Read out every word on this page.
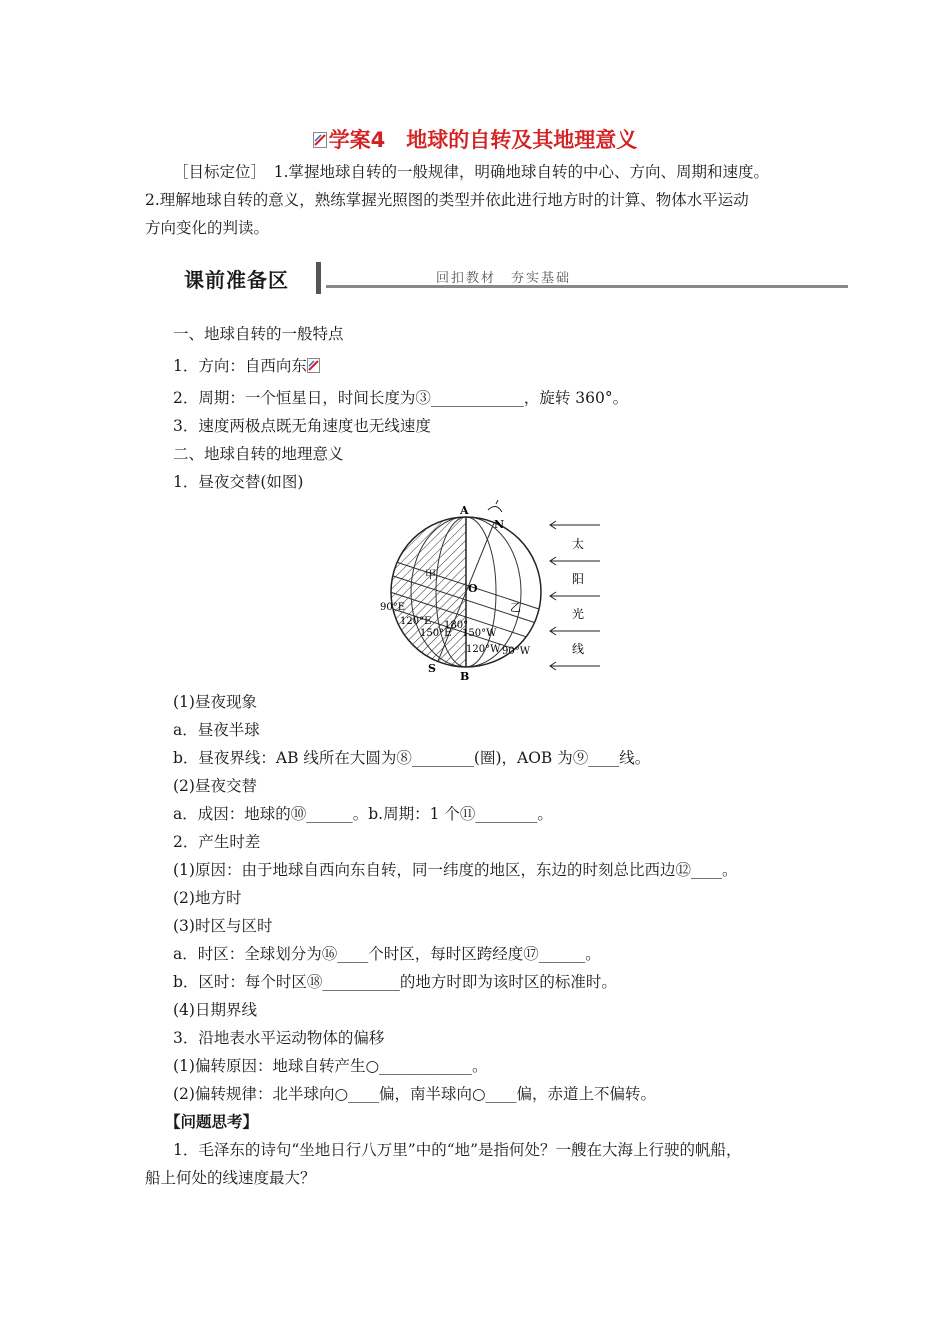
学案4　地球的自转及其地理意义
［目标定位］　1.掌握地球自转的一般规律，明确地球自转的中心、方向、周期和速度。
2.理解地球自转的意义，熟练掌握光照图的类型并依此进行地方时的计算、物体水平运动
方向变化的判读。
课前准备区	回扣教材　夯实基础
一、地球自转的一般特点
1．方向：自西向东
2．周期：一个恒星日，时间长度为③____________，旋转 360°。
3．速度两极点既无角速度也无线速度
二、地球自转的地理意义
1．昼夜交替(如图)
A
N
S
B
O
甲
乙
90°E
120°E
150°E
180°
150°W
120°W 90°W
太
阳
光
线
(1)昼夜现象
a．昼夜半球
b．昼夜界线：AB 线所在大圆为⑧________(圈)，AOB 为⑨____线。
(2)昼夜交替
a．成因：地球的⑩______。b.周期：1 个⑪________。
2．产生时差
(1)原因：由于地球自西向东自转，同一纬度的地区，东边的时刻总比西边⑫____。
(2)地方时
(3)时区与区时
a．时区：全球划分为⑯____个时区，每时区跨经度⑰______。
b．区时：每个时区⑱__________的地方时即为该时区的标准时。
(4)日期界线
3．沿地表水平运动物体的偏移
(1)偏转原因：地球自转产生○____________。
(2)偏转规律：北半球向○____偏，南半球向○____偏，赤道上不偏转。
【问题思考】
1．毛泽东的诗句“坐地日行八万里”中的“地”是指何处？一艘在大海上行驶的帆船，
船上何处的线速度最大？
